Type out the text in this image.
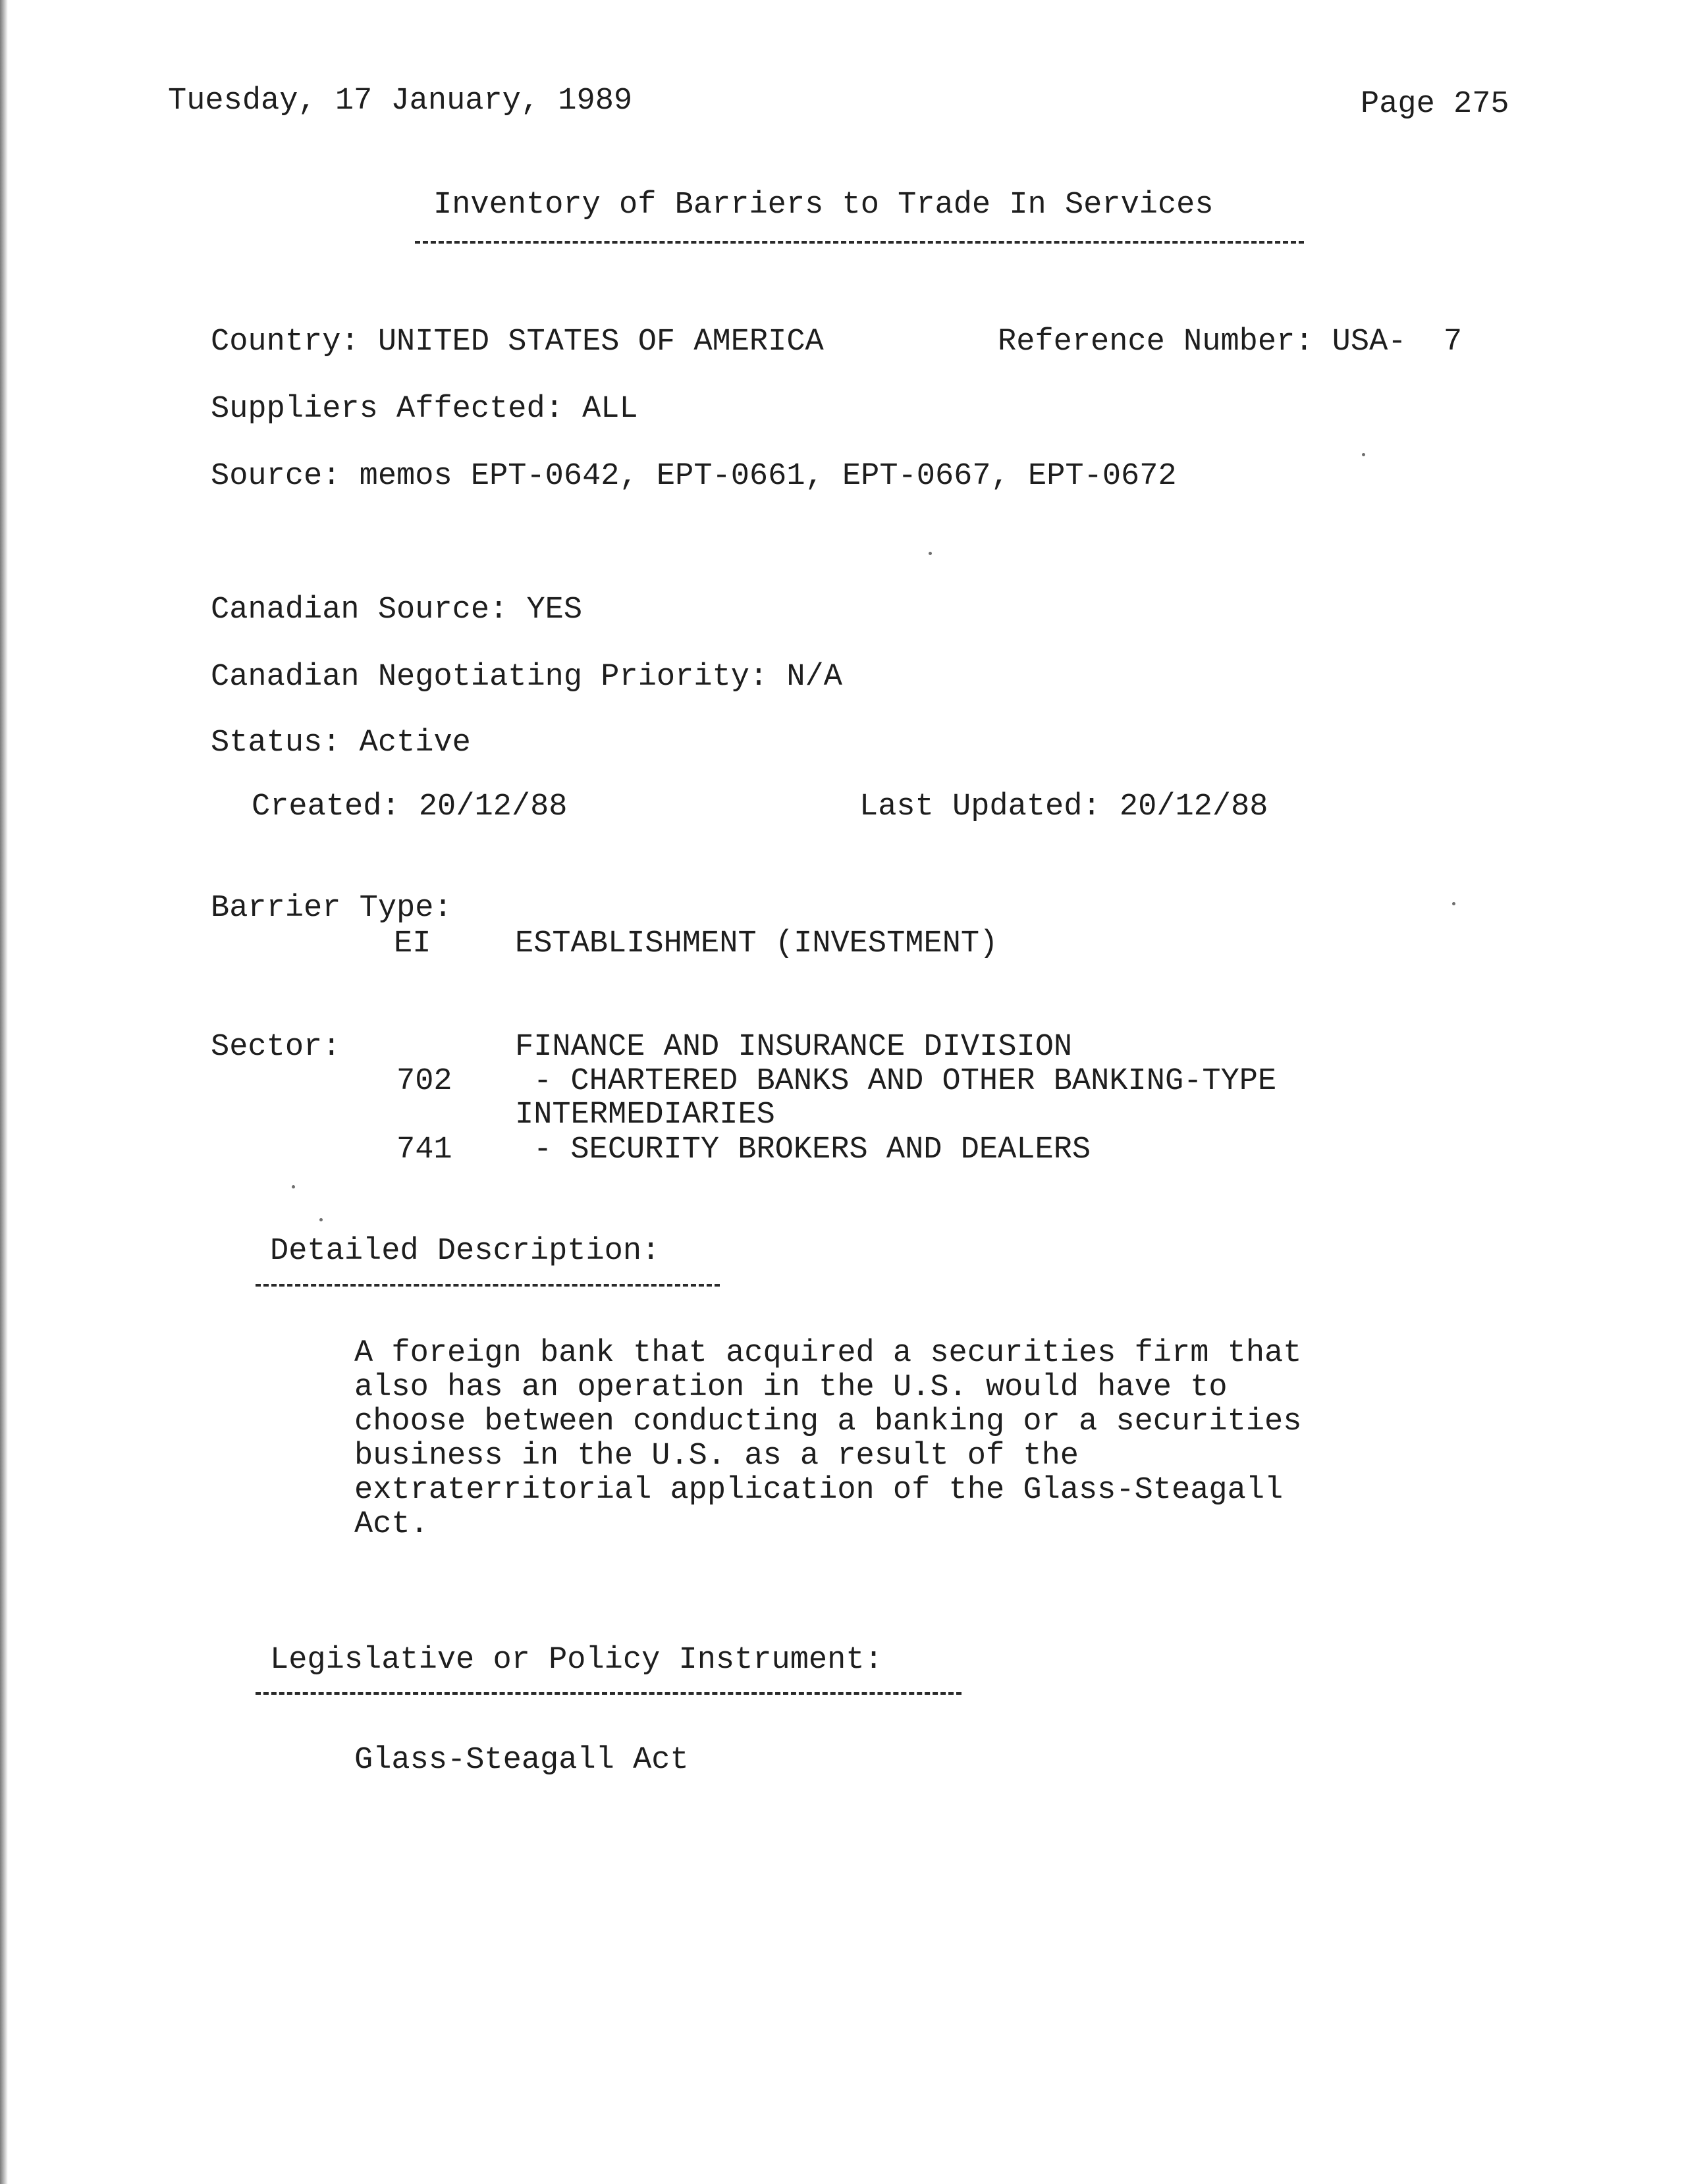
Tuesday, 17 January, 1989	Page 275
Inventory of Barriers to Trade In Services
Country: UNITED STATES OF AMERICA	Reference Number: USA-  7
Suppliers Affected: ALL
Source: memos EPT-0642, EPT-0661, EPT-0667, EPT-0672
Canadian Source: YES
Canadian Negotiating Priority: N/A
Status: Active
Created: 20/12/88	Last Updated: 20/12/88
Barrier Type:
EI	ESTABLISHMENT (INVESTMENT)
Sector:	FINANCE AND INSURANCE DIVISION
702	- CHARTERED BANKS AND OTHER BANKING-TYPE
INTERMEDIARIES
741	- SECURITY BROKERS AND DEALERS
Detailed Description:
A foreign bank that acquired a securities firm that
also has an operation in the U.S. would have to
choose between conducting a banking or a securities
business in the U.S. as a result of the
extraterritorial application of the Glass-Steagall
Act.
Legislative or Policy Instrument:
Glass-Steagall Act
